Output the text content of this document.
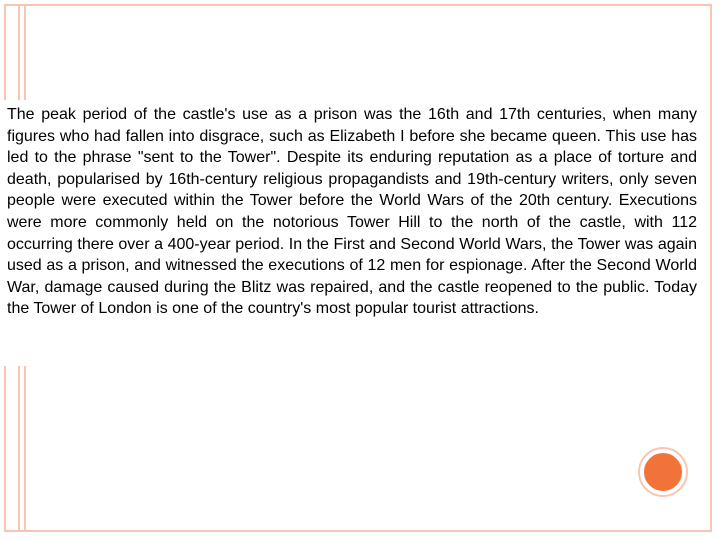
The peak period of the castle's use as a prison was the 16th and 17th centuries, when many figures who had fallen into disgrace, such as Elizabeth I before she became queen. This use has led to the phrase "sent to the Tower". Despite its enduring reputation as a place of torture and death, popularised by 16th-century religious propagandists and 19th-century writers, only seven people were executed within the Tower before the World Wars of the 20th century. Executions were more commonly held on the notorious Tower Hill to the north of the castle, with 112 occurring there over a 400-year period. In the First and Second World Wars, the Tower was again used as a prison, and witnessed the executions of 12 men for espionage. After the Second World War, damage caused during the Blitz was repaired, and the castle reopened to the public. Today the Tower of London is one of the country's most popular tourist attractions.
